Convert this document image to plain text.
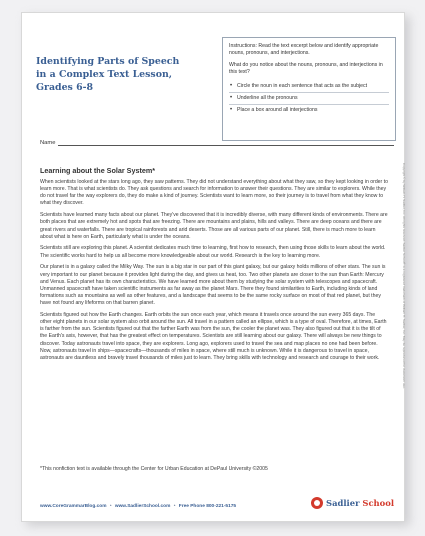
Identifying Parts of Speech
in a Complex Text Lesson,
Grades 6-8

Instructions: Read the text excerpt below and identify appropriate nouns, pronouns, and interjections.

What do you notice about the nouns, pronouns, and interjections in this text?

• Circle the noun in each sentence that acts as the subject
• Underline all the pronouns
• Place a box around all interjections
Name
Learning about the Solar System*

When scientists looked at the stars long ago, they saw patterns. They did not understand everything about what they saw, so they kept looking in order to learn more. That is what scientists do. They ask questions and search for information to answer their questions. They are similar to explorers. While they do not travel far the way explorers do, they do make a kind of journey. Scientists want to learn more, so their journey is to travel from what they know to what they discover.

Scientists have learned many facts about our planet. They've discovered that it is incredibly diverse, with many different kinds of environments. There are both places that are extremely hot and spots that are freezing. There are mountains and plains, hills and valleys. There are deep oceans and there are great rivers and waterfalls. There are tropical rainforests and arid deserts. Those are all various parts of our planet. Still, there is much more to learn about what is here on Earth, particularly what is under the oceans.

Scientists still are exploring this planet. A scientist dedicates much time to learning, first how to research, then using those skills to learn about the world. The scientific works hard to help us all become more knowledgeable about our world. Research is the key to learning more.

Our planet is in a galaxy called the Milky Way. The sun is a big star in our part of this giant galaxy, but our galaxy holds millions of other stars. The sun is very important to our planet because it provides light during the day, and gives us heat, too. Two other planets are closer to the sun than Earth: Mercury and Venus. Each planet has its own characteristics. We have learned more about them by studying the solar system with telescopes and spacecraft. Unmanned spacecraft have taken scientific instruments as far away as the planet Mars. There they found similarities to Earth, including kinds of land formations such as mountains as well as other features, and a landscape that seems to be the same rocky surface on most of that red planet, but they have not found any lifeforms on that barren planet.

Scientists figured out how the Earth changes. Earth orbits the sun once each year, which means it travels once around the sun every 365 days. The other eight planets in our solar system also orbit around the sun. All travel in a pattern called an ellipse, which is a type of oval. Therefore, at times, Earth is farther from the sun. Scientists figured out that the farther Earth was from the sun, the cooler the planet was. They also figured out that it is the tilt of the Earth's axis, however, that has the greatest effect on temperatures. Scientists are still learning about our galaxy. There will always be new things to discover. Today astronauts travel into space, they are explorers. Long ago, explorers used to travel the sea and map places no one had been before. Now, astronauts travel in ships—spacecrafts—thousands of miles in space, where still much is unknown. While it is dangerous to travel in space, astronauts are dauntless and bravely travel thousands of miles just to learn. They bring skills with technology and research and courage to their work.

*This nonfiction text is available through the Center for Urban Education at DePaul University ©2005
Copyright © by William H. Sadlier, Inc. All rights reserved. Sadlier School® is a registered trademark of William H. Sadlier, Inc. May be reproduced for classroom use.
www.CoreGrammarBlog.com • www.SadlierSchool.com • Free Phone 800-221-5175	Sadlier School
